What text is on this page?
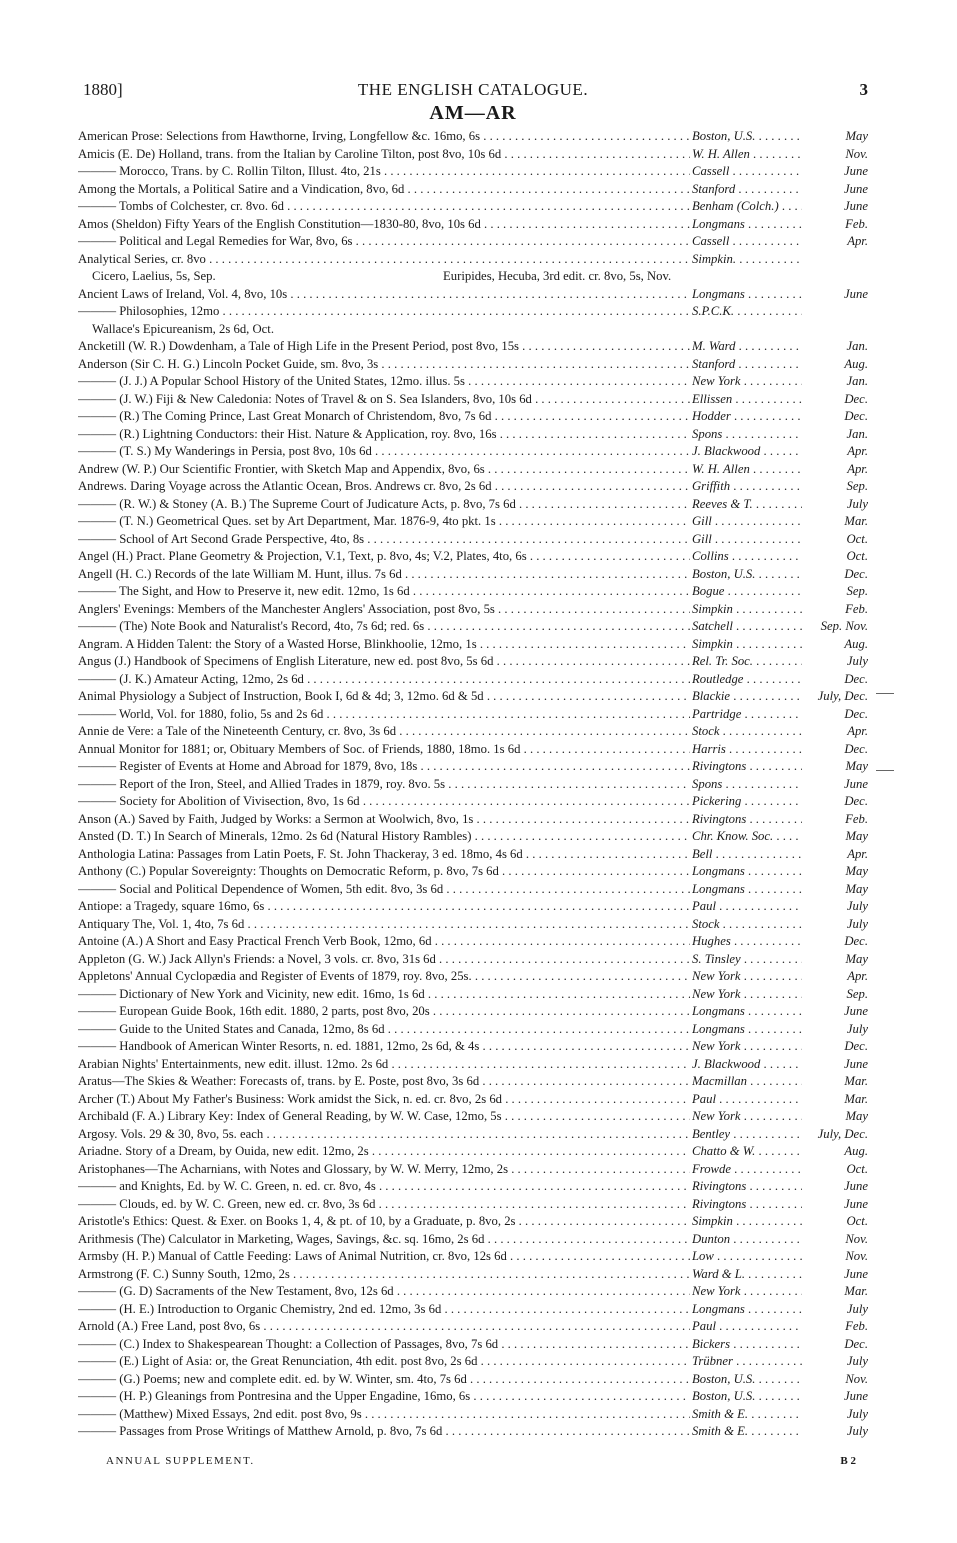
1880]	THE ENGLISH CATALOGUE.	3
AM—AR
American Prose: Selections from Hawthorne, Irving, Longfellow &c. 16mo, 6s . . .	Boston, U.S. . . .	May
Amicis (E. De) Holland, trans. from the Italian by Caroline Tilton, post 8vo, 10s 6d . . .	W. H. Allen . . .	Nov.
——— Morocco, Trans. by C. Rollin Tilton, Illust. 4to, 21s . . .	Cassell . . .	June
Among the Mortals, a Political Satire and a Vindication, 8vo, 6d . . .	Stanford . . .	June
——— Tombs of Colchester, cr. 8vo. 6d . . .	Benham (Colch.) . . .	June
Amos (Sheldon) Fifty Years of the English Constitution—1830-80, 8vo, 10s 6d . . .	Longmans . . .	Feb.
——— Political and Legal Remedies for War, 8vo, 6s . . .	Cassell . . .	Apr.
Analytical Series, cr. 8vo . . .	Simpkin. . . .
Cicero, Laelius, 5s, Sep.	Euripides, Hecuba, 3rd edit. cr. 8vo, 5s, Nov.
Ancient Laws of Ireland, Vol. 4, 8vo, 10s . . .	Longmans . . .	June
——— Philosophies, 12mo . . .	S.P.C.K. . . .
Wallace's Epicureanism, 2s 6d, Oct.
Ancketill (W. R.) Dowdenham, a Tale of High Life in the Present Period, post 8vo, 15s . . .	M. Ward . . .	Jan.
Anderson (Sir C. H. G.) Lincoln Pocket Guide, sm. 8vo, 3s . . .	Stanford . . .	Aug.
——— (J. J.) A Popular School History of the United States, 12mo. illus. 5s . . .	New York . . .	Jan.
——— (J. W.) Fiji & New Caledonia: Notes of Travel & on S. Sea Islanders, 8vo, 10s 6d . . .	Ellissen . . .	Dec.
——— (R.) The Coming Prince, Last Great Monarch of Christendom, 8vo, 7s 6d . . .	Hodder . . .	Dec.
——— (R.) Lightning Conductors: their Hist. Nature & Application, roy. 8vo, 16s . . .	Spons . . .	Jan.
——— (T. S.) My Wanderings in Persia, post 8vo, 10s 6d . . .	J. Blackwood . . .	Apr.
Andrew (W. P.) Our Scientific Frontier, with Sketch Map and Appendix, 8vo, 6s . . .	W. H. Allen . . .	Apr.
Andrews. Daring Voyage across the Atlantic Ocean, Bros. Andrews cr. 8vo, 2s 6d . . .	Griffith . . .	Sep.
——— (R. W.) & Stoney (A. B.) The Supreme Court of Judicature Acts, p. 8vo, 7s 6d . . .	Reeves & T. . . .	July
——— (T. N.) Geometrical Ques. set by Art Department, Mar. 1876-9, 4to pkt. 1s . . .	Gill . . .	Mar.
——— School of Art Second Grade Perspective, 4to, 8s . . .	Gill . . .	Oct.
Angel (H.) Pract. Plane Geometry & Projection, V.1, Text, p. 8vo, 4s; V.2, Plates, 4to, 6s . . .	Collins . . .	Oct.
Angell (H. C.) Records of the late William M. Hunt, illus. 7s 6d . . .	Boston, U.S. . . .	Dec.
——— The Sight, and How to Preserve it, new edit. 12mo, 1s 6d . . .	Bogue . . .	Sep.
Anglers' Evenings: Members of the Manchester Anglers' Association, post 8vo, 5s . . .	Simpkin . . .	Feb.
——— (The) Note Book and Naturalist's Record, 4to, 7s 6d; red. 6s . . .	Satchell . . .	Sep. Nov.
Angram. A Hidden Talent: the Story of a Wasted Horse, Blinkhoolie, 12mo, 1s . . .	Simpkin . . .	Aug.
Angus (J.) Handbook of Specimens of English Literature, new ed. post 8vo, 5s 6d . . .	Rel. Tr. Soc. . . .	July
——— (J. K.) Amateur Acting, 12mo, 2s 6d . . .	Routledge . . .	Dec.
Animal Physiology a Subject of Instruction, Book I, 6d & 4d; 3, 12mo. 6d & 5d . . .	Blackie . . .	July, Dec.
——— World, Vol. for 1880, folio, 5s and 2s 6d . . .	Partridge . . .	Dec.
Annie de Vere: a Tale of the Nineteenth Century, cr. 8vo, 3s 6d . . .	Stock . . .	Apr.
Annual Monitor for 1881; or, Obituary Members of Soc. of Friends, 1880, 18mo. 1s 6d . . .	Harris . . .	Dec.
——— Register of Events at Home and Abroad for 1879, 8vo, 18s . . .	Rivingtons . . .	May
——— Report of the Iron, Steel, and Allied Trades in 1879, roy. 8vo. 5s . . .	Spons . . .	June
——— Society for Abolition of Vivisection, 8vo, 1s 6d . . .	Pickering . . .	Dec.
Anson (A.) Saved by Faith, Judged by Works: a Sermon at Woolwich, 8vo, 1s . . .	Rivingtons . . .	Feb.
Ansted (D. T.) In Search of Minerals, 12mo. 2s 6d (Natural History Rambles) . . .	Chr. Know. Soc. . . .	May
Anthologia Latina: Passages from Latin Poets, F. St. John Thackeray, 3 ed. 18mo, 4s 6d . . .	Bell . . .	Apr.
Anthony (C.) Popular Sovereignty: Thoughts on Democratic Reform, p. 8vo, 7s 6d . . .	Longmans . . .	May
——— Social and Political Dependence of Women, 5th edit. 8vo, 3s 6d . . .	Longmans . . .	May
Antiope: a Tragedy, square 16mo, 6s . . .	Paul . . .	July
Antiquary The, Vol. 1, 4to, 7s 6d . . .	Stock . . .	July
Antoine (A.) A Short and Easy Practical French Verb Book, 12mo, 6d . . .	Hughes . . .	Dec.
Appleton (G. W.) Jack Allyn's Friends: a Novel, 3 vols. cr. 8vo, 31s 6d . . .	S. Tinsley . . .	May
Appletons' Annual Cyclopædia and Register of Events of 1879, roy. 8vo, 25s. . . .	New York . . .	Apr.
——— Dictionary of New York and Vicinity, new edit. 16mo, 1s 6d . . .	New York . . .	Sep.
——— European Guide Book, 16th edit. 1880, 2 parts, post 8vo, 20s . . .	Longmans . . .	June
——— Guide to the United States and Canada, 12mo, 8s 6d . . .	Longmans . . .	July
——— Handbook of American Winter Resorts, n. ed. 1881, 12mo, 2s 6d, & 4s . . .	New York . . .	Dec.
Arabian Nights' Entertainments, new edit. illust. 12mo. 2s 6d . . .	J. Blackwood . . .	June
Aratus—The Skies & Weather: Forecasts of, trans. by E. Poste, post 8vo, 3s 6d . . .	Macmillan . . .	Mar.
Archer (T.) About My Father's Business: Work amidst the Sick, n. ed. cr. 8vo, 2s 6d . . .	Paul . . .	Mar.
Archibald (F. A.) Library Key: Index of General Reading, by W. W. Case, 12mo, 5s . . .	New York . . .	May
Argosy. Vols. 29 & 30, 8vo, 5s. each . . .	Bentley . . .	July, Dec.
Ariadne. Story of a Dream, by Ouida, new edit. 12mo, 2s . . .	Chatto & W. . . .	Aug.
Aristophanes—The Acharnians, with Notes and Glossary, by W. W. Merry, 12mo, 2s . . .	Frowde . . .	Oct.
——— and Knights, Ed. by W. C. Green, n. ed. cr. 8vo, 4s . . .	Rivingtons . . .	June
——— Clouds, ed. by W. C. Green, new ed. cr. 8vo, 3s 6d . . .	Rivingtons . . .	June
Aristotle's Ethics: Quest. & Exer. on Books 1, 4, & pt. of 10, by a Graduate, p. 8vo, 2s . . .	Simpkin . . .	Oct.
Arithmesis (The) Calculator in Marketing, Wages, Savings, &c. sq. 16mo, 2s 6d . . .	Dunton . . .	Nov.
Armsby (H. P.) Manual of Cattle Feeding: Laws of Animal Nutrition, cr. 8vo, 12s 6d . . .	Low . . .	Nov.
Armstrong (F. C.) Sunny South, 12mo, 2s . . .	Ward & L. . . .	June
——— (G. D) Sacraments of the New Testament, 8vo, 12s 6d . . .	New York . . .	Mar.
——— (H. E.) Introduction to Organic Chemistry, 2nd ed. 12mo, 3s 6d . . .	Longmans . . .	July
Arnold (A.) Free Land, post 8vo, 6s . . .	Paul . . .	Feb.
——— (C.) Index to Shakespearean Thought: a Collection of Passages, 8vo, 7s 6d . . .	Bickers . . .	Dec.
——— (E.) Light of Asia: or, the Great Renunciation, 4th edit. post 8vo, 2s 6d . . .	Trübner . . .	July
——— (G.) Poems; new and complete edit. ed. by W. Winter, sm. 4to, 7s 6d . . .	Boston, U.S. . . .	Nov.
——— (H. P.) Gleanings from Pontresina and the Upper Engadine, 16mo, 6s . . .	Boston, U.S. . . .	June
——— (Matthew) Mixed Essays, 2nd edit. post 8vo, 9s . . .	Smith & E. . . .	July
——— Passages from Prose Writings of Matthew Arnold, p. 8vo, 7s 6d . . .	Smith & E. . . .	July
ANNUAL SUPPLEMENT.	B 2
